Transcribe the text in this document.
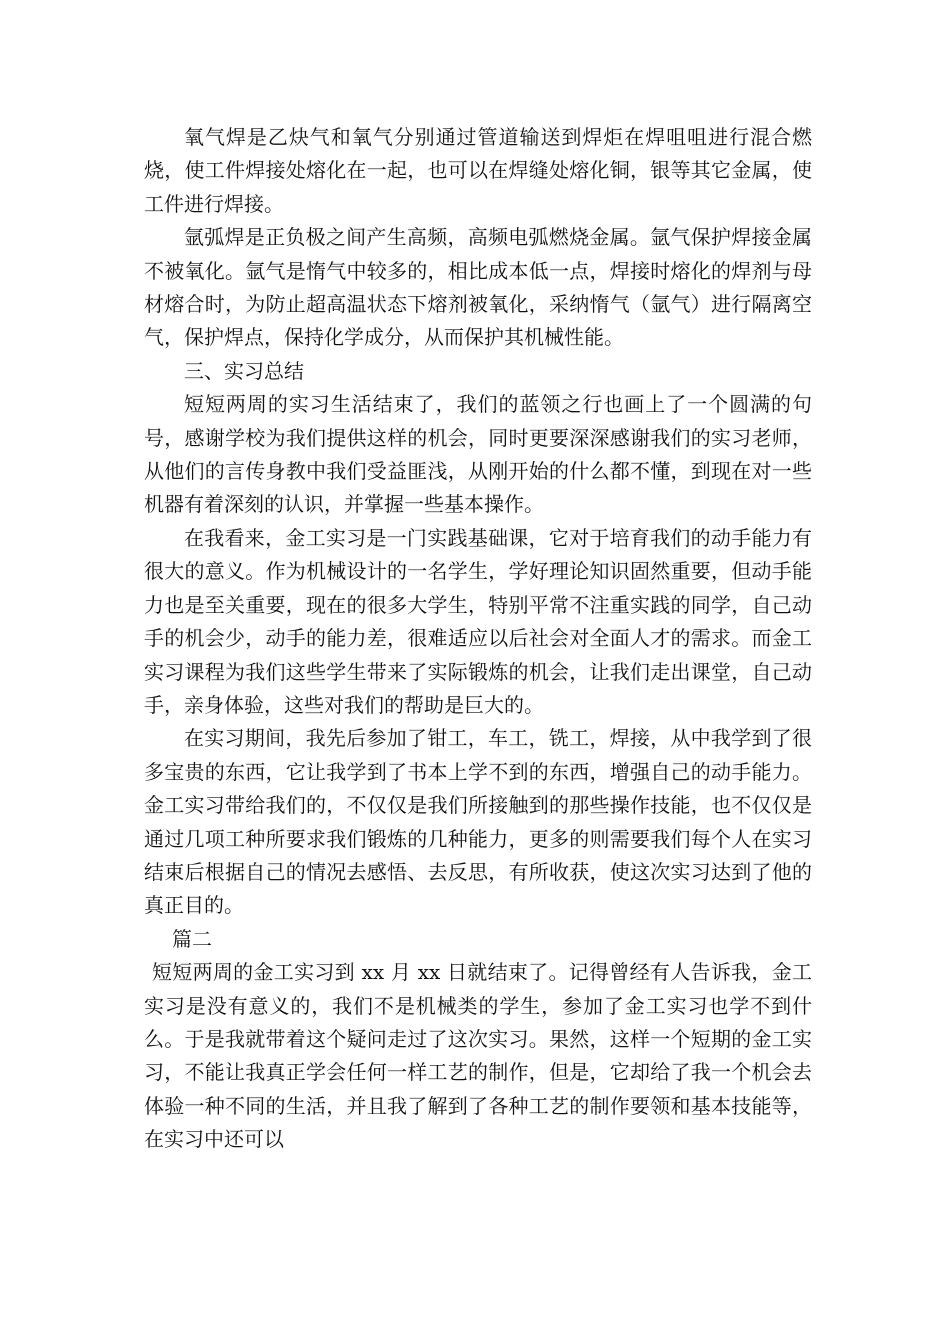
氧气焊是乙炔气和氧气分别通过管道输送到焊炬在焊咀咀进行混合燃烧，使工件焊接处熔化在一起，也可以在焊缝处熔化铜，银等其它金属，使工件进行焊接。

氩弧焊是正负极之间产生高频，高频电弧燃烧金属。氩气保护焊接金属不被氧化。氩气是惰气中较多的，相比成本低一点，焊接时熔化的焊剂与母材熔合时，为防止超高温状态下熔剂被氧化，采纳惰气（氩气）进行隔离空气，保护焊点，保持化学成分，从而保护其机械性能。

三、实习总结

短短两周的实习生活结束了，我们的蓝领之行也画上了一个圆满的句号，感谢学校为我们提供这样的机会，同时更要深深感谢我们的实习老师，从他们的言传身教中我们受益匪浅，从刚开始的什么都不懂，到现在对一些机器有着深刻的认识，并掌握一些基本操作。

在我看来，金工实习是一门实践基础课，它对于培育我们的动手能力有很大的意义。作为机械设计的一名学生，学好理论知识固然重要，但动手能力也是至关重要，现在的很多大学生，特别平常不注重实践的同学，自己动手的机会少，动手的能力差，很难适应以后社会对全面人才的需求。而金工实习课程为我们这些学生带来了实际锻炼的机会，让我们走出课堂，自己动手，亲身体验，这些对我们的帮助是巨大的。

在实习期间，我先后参加了钳工，车工，铣工，焊接，从中我学到了很多宝贵的东西，它让我学到了书本上学不到的东西，增强自己的动手能力。金工实习带给我们的，不仅仅是我们所接触到的那些操作技能，也不仅仅是通过几项工种所要求我们锻炼的几种能力，更多的则需要我们每个人在实习结束后根据自己的情况去感悟、去反思，有所收获，使这次实习达到了他的真正目的。

篇二

短短两周的金工实习到 xx 月 xx 日就结束了。记得曾经有人告诉我，金工实习是没有意义的，我们不是机械类的学生，参加了金工实习也学不到什么。于是我就带着这个疑问走过了这次实习。果然，这样一个短期的金工实习，不能让我真正学会任何一样工艺的制作，但是，它却给了我一个机会去体验一种不同的生活，并且我了解到了各种工艺的制作要领和基本技能等，在实习中还可以
